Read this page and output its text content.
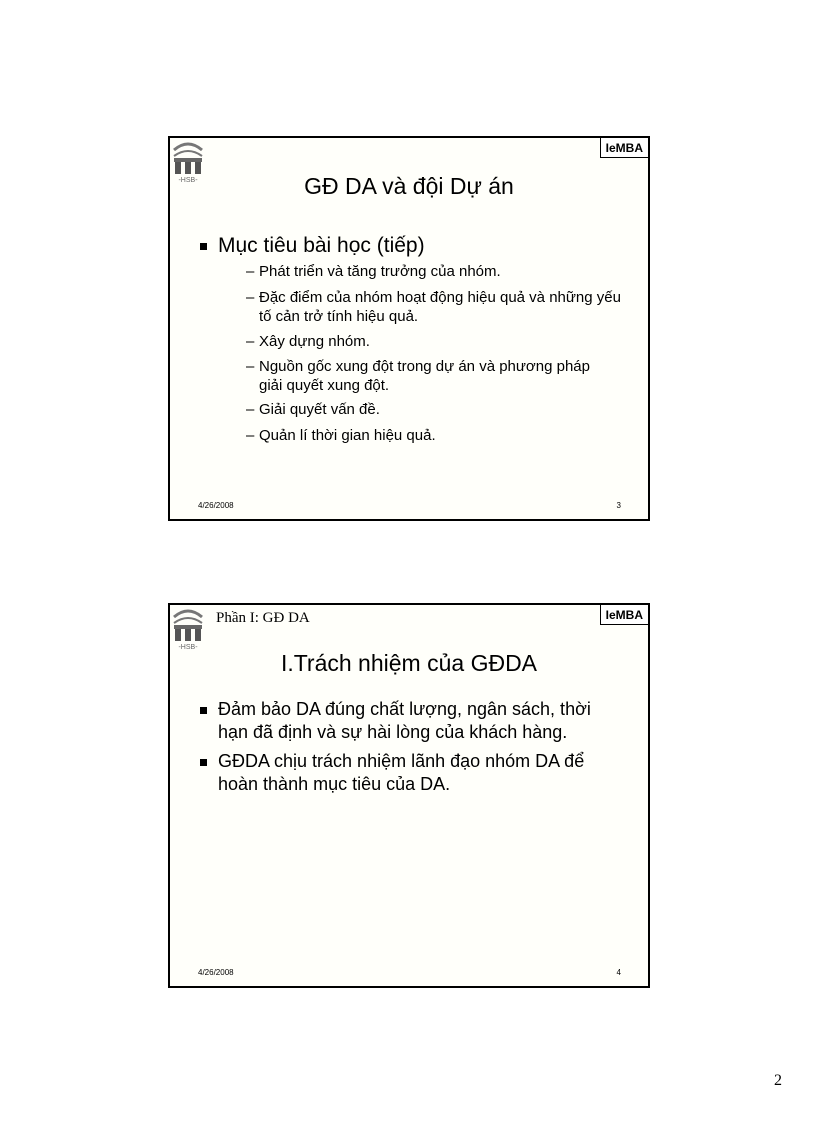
-HSB-
IeMBA
GĐ DA và đội Dự án
Mục tiêu bài học (tiếp)
– Phát triển và tăng trưởng của nhóm.
– Đặc điểm của nhóm hoạt động hiệu quả và những yếu tố cản trở tính hiệu quả.
– Xây dựng nhóm.
– Nguồn gốc xung đột trong dự án và phương pháp giải quyết xung đột.
– Giải quyết vấn đề.
– Quản lí thời gian hiệu quả.
4/26/2008	3
-HSB-
Phần I: GĐ DA	IeMBA
I.Trách nhiệm của GĐDA
Đảm bảo DA đúng chất lượng, ngân sách, thời hạn đã định và sự hài lòng của khách hàng.
GĐDA chịu trách nhiệm lãnh đạo nhóm DA để hoàn thành mục tiêu của DA.
4/26/2008	4
2
